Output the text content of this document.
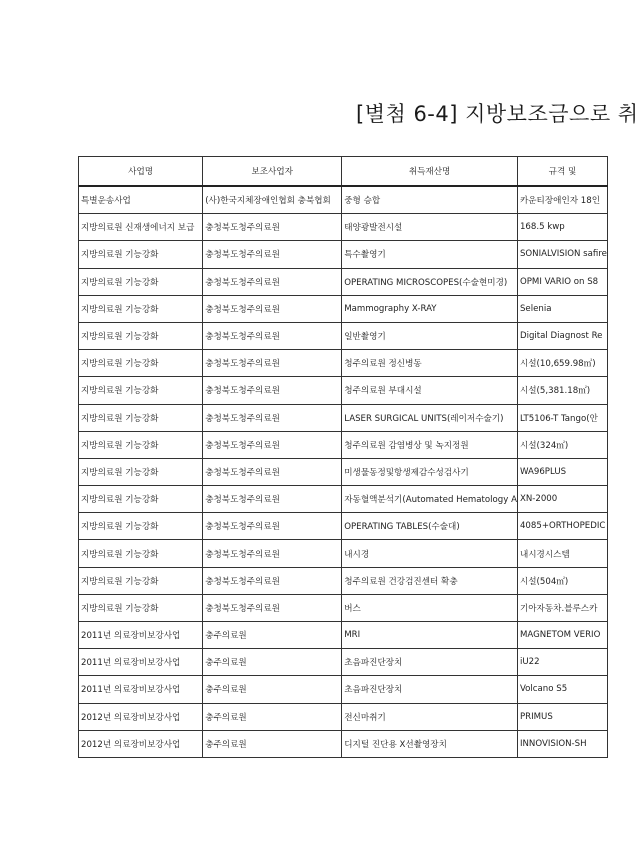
[별첨 6-4] 지방보조금으로 취
사업명	보조사업자	취득재산명	규격 및
특별운송사업	(사)한국지체장애인협회 충북협회	중형 승합	카운티장애인자 18인
지방의료원 신재생에너지 보급	충청북도청주의료원	태양광발전시설	168.5 kwp
지방의료원 기능강화	충청북도청주의료원	특수촬영기	SONIALVISION safire
지방의료원 기능강화	충청북도청주의료원	OPERATING MICROSCOPES(수술현미경)	OPMI VARIO on S8
지방의료원 기능강화	충청북도청주의료원	Mammography X-RAY	Selenia
지방의료원 기능강화	충청북도청주의료원	일반촬영기	Digital Diagnost Re
지방의료원 기능강화	충청북도청주의료원	청주의료원 정신병동	시설(10,659.98㎡)
지방의료원 기능강화	충청북도청주의료원	청주의료원 부대시설	시설(5,381.18㎡)
지방의료원 기능강화	충청북도청주의료원	LASER SURGICAL UNITS(레이저수술기)	LT5106-T Tango(안
지방의료원 기능강화	충청북도청주의료원	청주의료원 감염병상 및 녹지정원	시설(324㎡)
지방의료원 기능강화	충청북도청주의료원	미생물동정및항생제감수성검사기	WA96PLUS
지방의료원 기능강화	충청북도청주의료원	자동혈액분석기(Automated Hematology A	XN-2000
지방의료원 기능강화	충청북도청주의료원	OPERATING TABLES(수술대)	4085+ORTHOPEDIC
지방의료원 기능강화	충청북도청주의료원	내시경	내시경시스템
지방의료원 기능강화	충청북도청주의료원	청주의료원 건강검진센터 확충	시설(504㎡)
지방의료원 기능강화	충청북도청주의료원	버스	기아자동차.블루스카
2011년 의료장비보강사업	충주의료원	MRI	MAGNETOM VERIO
2011년 의료장비보강사업	충주의료원	초음파진단장치	iU22
2011년 의료장비보강사업	충주의료원	초음파진단장치	Volcano S5
2012년 의료장비보강사업	충주의료원	전신마취기	PRIMUS
2012년 의료장비보강사업	충주의료원	디지털 진단용 X선촬영장치	INNOVISION-SH
